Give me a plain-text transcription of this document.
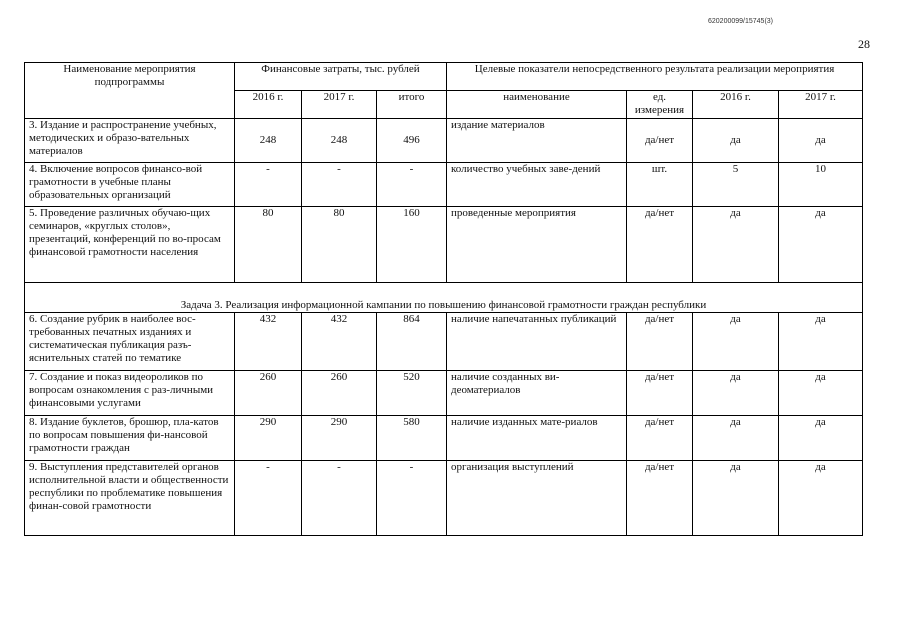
620200099/15745(3)
28
Наименование мероприятия подпрограммы	Финансовые затраты, тыс. рублей			Целевые показатели непосредственного результата реализации мероприятия			
	2016 г.	2017 г.	итого	наименование	ед. измерения	2016 г.	2017 г.
3. Издание и распространение учебных, методических и образо-вательных материалов	248	248	496	издание материалов	да/нет	да	да
4. Включение вопросов финансо-вой грамотности в учебные планы образовательных организаций	-	-	-	количество учебных заве-дений	шт.	5	10
5. Проведение различных обучаю-щих семинаров, «круглых столов», презентаций, конференций по во-просам финансовой грамотности населения	80	80	160	проведенные мероприятия	да/нет	да	да
Задача 3. Реализация информационной кампании по повышению финансовой грамотности граждан республики							
6. Создание рубрик в наиболее вос-требованных печатных изданиях и систематическая публикация разъ-яснительных статей по тематике	432	432	864	наличие напечатанных публикаций	да/нет	да	да
7. Создание и показ видеороликов по вопросам ознакомления с раз-личными финансовыми услугами	260	260	520	наличие созданных ви-деоматериалов	да/нет	да	да
8. Издание буклетов, брошюр, пла-катов по вопросам повышения фи-нансовой грамотности граждан	290	290	580	наличие изданных мате-риалов	да/нет	да	да
9. Выступления представителей органов исполнительной власти и общественности республики по проблематике повышения финан-совой грамотности	-	-	-	организация выступлений	да/нет	да	да
